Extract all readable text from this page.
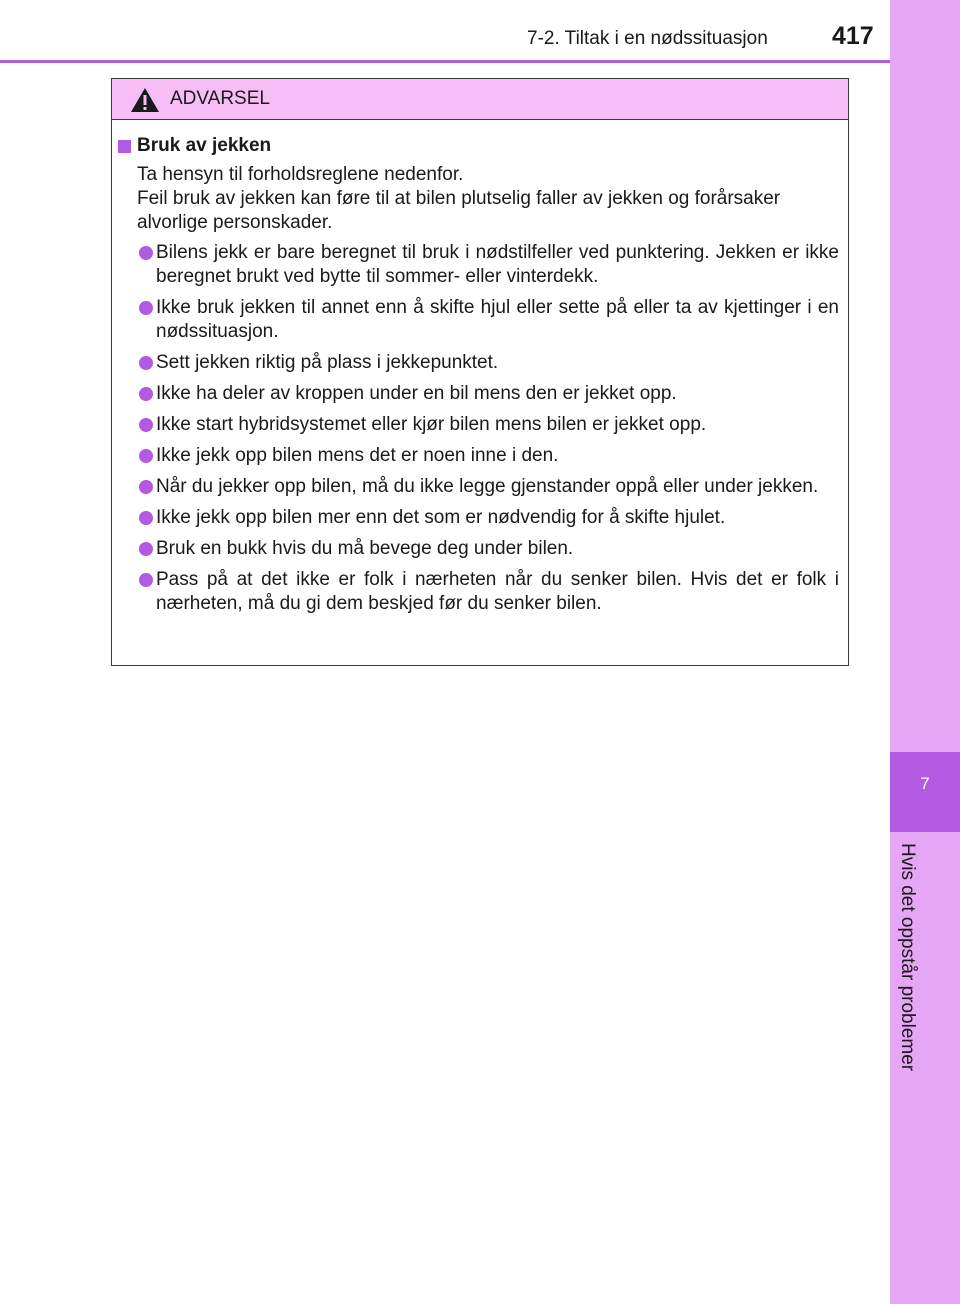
7-2. Tiltak i en nødssituasjon	417
7
Hvis det oppstår problemer
ADVARSEL
Bruk av jekken
Ta hensyn til forholdsreglene nedenfor.
Feil bruk av jekken kan føre til at bilen plutselig faller av jekken og forårsaker alvorlige personskader.
Bilens jekk er bare beregnet til bruk i nødstilfeller ved punktering. Jekken er ikke beregnet brukt ved bytte til sommer- eller vinterdekk.
Ikke bruk jekken til annet enn å skifte hjul eller sette på eller ta av kjettinger i en nødssituasjon.
Sett jekken riktig på plass i jekkepunktet.
Ikke ha deler av kroppen under en bil mens den er jekket opp.
Ikke start hybridsystemet eller kjør bilen mens bilen er jekket opp.
Ikke jekk opp bilen mens det er noen inne i den.
Når du jekker opp bilen, må du ikke legge gjenstander oppå eller under jekken.
Ikke jekk opp bilen mer enn det som er nødvendig for å skifte hjulet.
Bruk en bukk hvis du må bevege deg under bilen.
Pass på at det ikke er folk i nærheten når du senker bilen. Hvis det er folk i nærheten, må du gi dem beskjed før du senker bilen.
